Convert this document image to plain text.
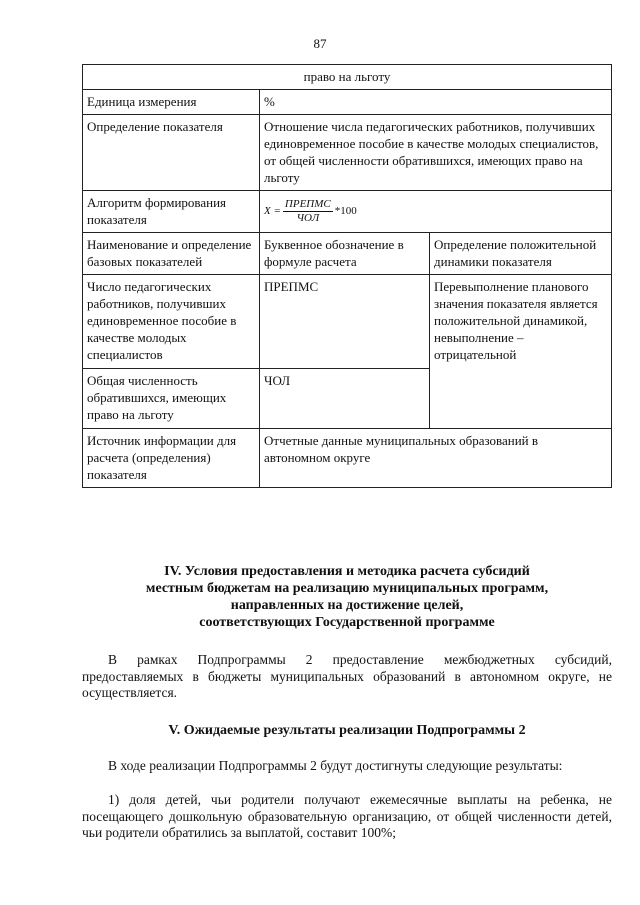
87
право на льготу		
Единица измерения	%	
Определение показателя	Отношение числа педагогических работников, получивших единовременное пособие в качестве молодых специалистов, от общей численности обратившихся, имеющих право на льготу	
Алгоритм формирования показателя	$X = \frac{\text{ПРЕПМС}}{\text{ЧОЛ}} *100$	

Наименование и определение базовых показателей	Буквенное обозначение в формуле расчета	Определение положительной динамики показателя
Число педагогических работников, получивших единовременное пособие в качестве молодых специалистов	ПРЕПМС	Перевыполнение планового значения показателя является положительной динамикой, невыполнение – отрицательной
Общая численность обратившихся, имеющих право на льготу	ЧОЛ	
Источник информации для расчета (определения) показателя	Отчетные данные муниципальных образований в автономном округе	
IV. Условия предоставления и методика расчета субсидий
местным бюджетам на реализацию муниципальных программ,
направленных на достижение целей,
соответствующих Государственной программе

В рамках Подпрограммы 2 предоставление межбюджетных субсидий, предоставляемых в бюджеты муниципальных образований в автономном округе, не осуществляется.

V. Ожидаемые результаты реализации Подпрограммы 2

В ходе реализации Подпрограммы 2 будут достигнуты следующие результаты:

1) доля детей, чьи родители получают ежемесячные выплаты на ребенка, не посещающего дошкольную образовательную организацию, от общей численности детей, чьи родители обратились за выплатой, составит 100%;
